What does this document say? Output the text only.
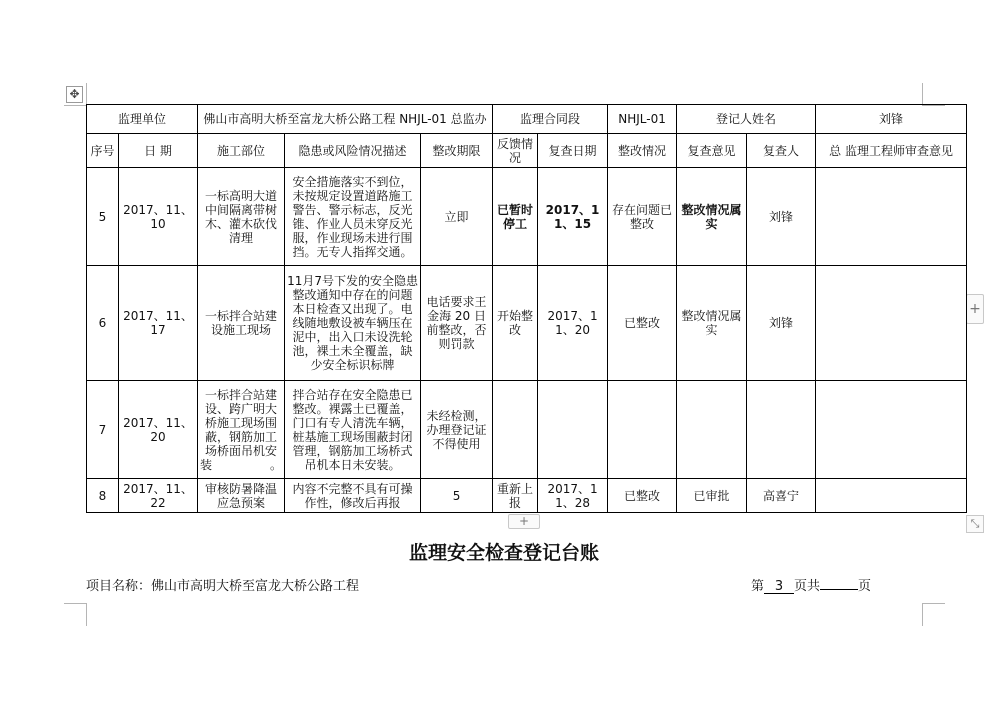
✥
+
+	⤡
监理单位		佛山市高明大桥至富龙大桥公路工程 NHJL-01 总监办			监理合同段		NHJL-01	登记人姓名		刘锋
序号	日 期	施工部位	隐患或风险情况描述	整改期限	反馈情况	复查日期	整改情况	复查意见	复查人	总 监理工程师审查意见
5	2017、11、10	一标高明大道中间隔离带树木、灌木砍伐清理	安全措施落实不到位，未按规定设置道路施工警告、警示标志，反光锥、作业人员未穿反光服，作业现场未进行围挡。无专人指挥交通。	立即	已暂时停工	2017、11、15	存在问题已整改	整改情况属实	刘锋	
6	2017、11、17	一标拌合站建设施工现场	11月7号下发的安全隐患整改通知中存在的问题本日检查又出现了。电线随地敷设被车辆压在泥中，出入口未设洗轮池，裸土未全覆盖，缺少安全标识标牌	电话要求王金海 20 日前整改，否则罚款	开始整改	2017、11、20	已整改	整改情况属实	刘锋	
7	2017、11、20	一标拌合站建设、跨广明大桥施工现场围蔽，钢筋加工场桥面吊机安装。	拌合站存在安全隐患已整改。裸露土已覆盖，门口有专人清洗车辆，桩基施工现场围蔽封闭管理，钢筋加工场桥式吊机本日未安装。	未经检测，办理登记证不得使用						
8	2017、11、22	审核防暑降温应急预案	内容不完整不具有可操作性，修改后再报	5	重新上报	2017、11、28	已整改	已审批	高喜宁	
监理安全检查登记台账
项目名称：佛山市高明大桥至富龙大桥公路工程	第 3 页共	页
